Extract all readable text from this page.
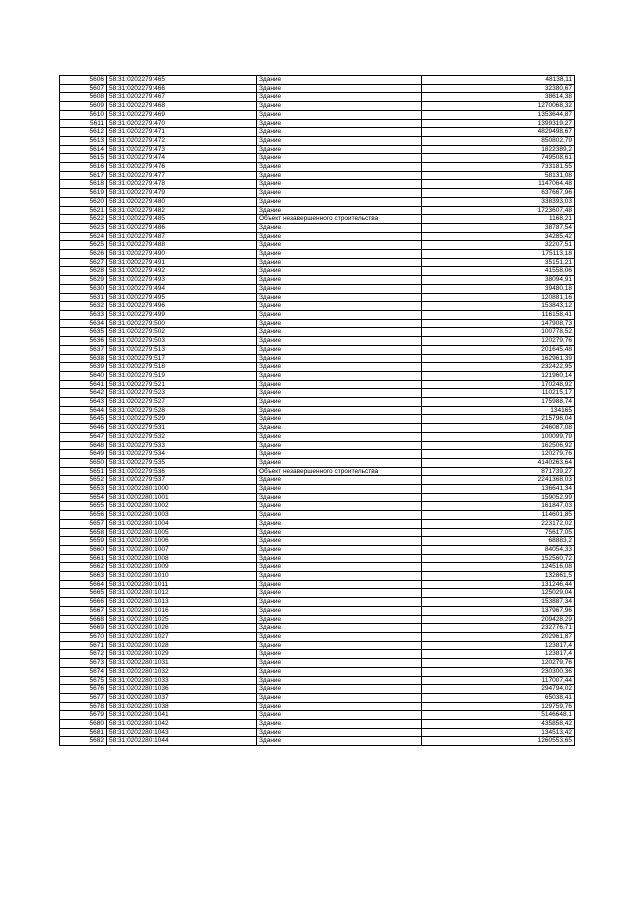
5606	58:31:0202279:465	Здание	48138,11
5607	58:31:0202279:466	Здание	32380,67
5608	58:31:0202279:467	Здание	38614,38
5609	58:31:0202279:468	Здание	1270068,32
5610	58:31:0202279:469	Здание	1353644,87
5611	58:31:0202279:470	Здание	1399319,27
5612	58:31:0202279:471	Здание	4829498,67
5613	58:31:0202279:472	Здание	850802,79
5614	58:31:0202279:473	Здание	1822389,2
5615	58:31:0202279:474	Здание	749508,61
5616	58:31:0202279:476	Здание	733181,55
5617	58:31:0202279:477	Здание	58131,08
5618	58:31:0202279:478	Здание	1147064,48
5619	58:31:0202279:479	Здание	637667,96
5620	58:31:0202279:480	Здание	338393,03
5621	58:31:0202279:482	Здание	1723607,48
5622	58:31:0202279:485	Объект незавершенного строительства	1168,21
5623	58:31:0202279:486	Здание	38787,54
5624	58:31:0202279:487	Здание	34285,42
5625	58:31:0202279:488	Здание	32207,51
5626	58:31:0202279:490	Здание	175113,18
5627	58:31:0202279:491	Здание	35151,21
5628	58:31:0202279:492	Здание	41558,06
5629	58:31:0202279:493	Здание	38094,91
5630	58:31:0202279:494	Здание	39480,18
5631	58:31:0202279:495	Здание	120881,16
5632	58:31:0202279:496	Здание	153843,12
5633	58:31:0202279:499	Здание	116158,41
5634	58:31:0202279:500	Здание	147908,73
5635	58:31:0202279:502	Здание	100778,52
5636	58:31:0202279:503	Здание	120279,76
5637	58:31:0202279:513	Здание	201645,48
5638	58:31:0202279:517	Здание	162961,39
5639	58:31:0202279:518	Здание	232422,95
5640	58:31:0202279:519	Здание	121960,14
5641	58:31:0202279:521	Здание	170248,92
5642	58:31:0202279:523	Здание	110215,17
5643	58:31:0202279:527	Здание	175988,74
5644	58:31:0202279:528	Здание	134165
5645	58:31:0202279:529	Здание	215796,04
5646	58:31:0202279:531	Здание	246087,08
5647	58:31:0202279:532	Здание	100099,79
5648	58:31:0202279:533	Здание	162506,92
5649	58:31:0202279:534	Здание	120279,76
5650	58:31:0202279:535	Здание	4140263,64
5651	58:31:0202279:536	Объект незавершенного строительства	871739,27
5652	58:31:0202279:537	Здание	2241368,03
5653	58:31:0202280:1000	Здание	136641,34
5654	58:31:0202280:1001	Здание	159052,99
5655	58:31:0202280:1002	Здание	161847,03
5656	58:31:0202280:1003	Здание	114601,85
5657	58:31:0202280:1004	Здание	223172,02
5658	58:31:0202280:1005	Здание	75617,05
5659	58:31:0202280:1006	Здание	68883,2
5660	58:31:0202280:1007	Здание	84054,33
5661	58:31:0202280:1008	Здание	152560,72
5662	58:31:0202280:1009	Здание	124516,08
5663	58:31:0202280:1010	Здание	132861,5
5664	58:31:0202280:1011	Здание	131246,44
5665	58:31:0202280:1012	Здание	125029,04
5666	58:31:0202280:1013	Здание	153887,34
5667	58:31:0202280:1016	Здание	137967,96
5668	58:31:0202280:1025	Здание	209428,29
5669	58:31:0202280:1026	Здание	232776,71
5670	58:31:0202280:1027	Здание	202961,87
5671	58:31:0202280:1028	Здание	123817,4
5672	58:31:0202280:1029	Здание	123817,4
5673	58:31:0202280:1031	Здание	120279,76
5674	58:31:0202280:1032	Здание	230300,36
5675	58:31:0202280:1033	Здание	117007,44
5676	58:31:0202280:1036	Здание	294794,02
5677	58:31:0202280:1037	Здание	65038,41
5678	58:31:0202280:1038	Здание	129759,76
5679	58:31:0202280:1041	Здание	5146648,1
5680	58:31:0202280:1042	Здание	435858,42
5681	58:31:0202280:1043	Здание	134513,42
5682	58:31:0202280:1044	Здание	1260553,65
